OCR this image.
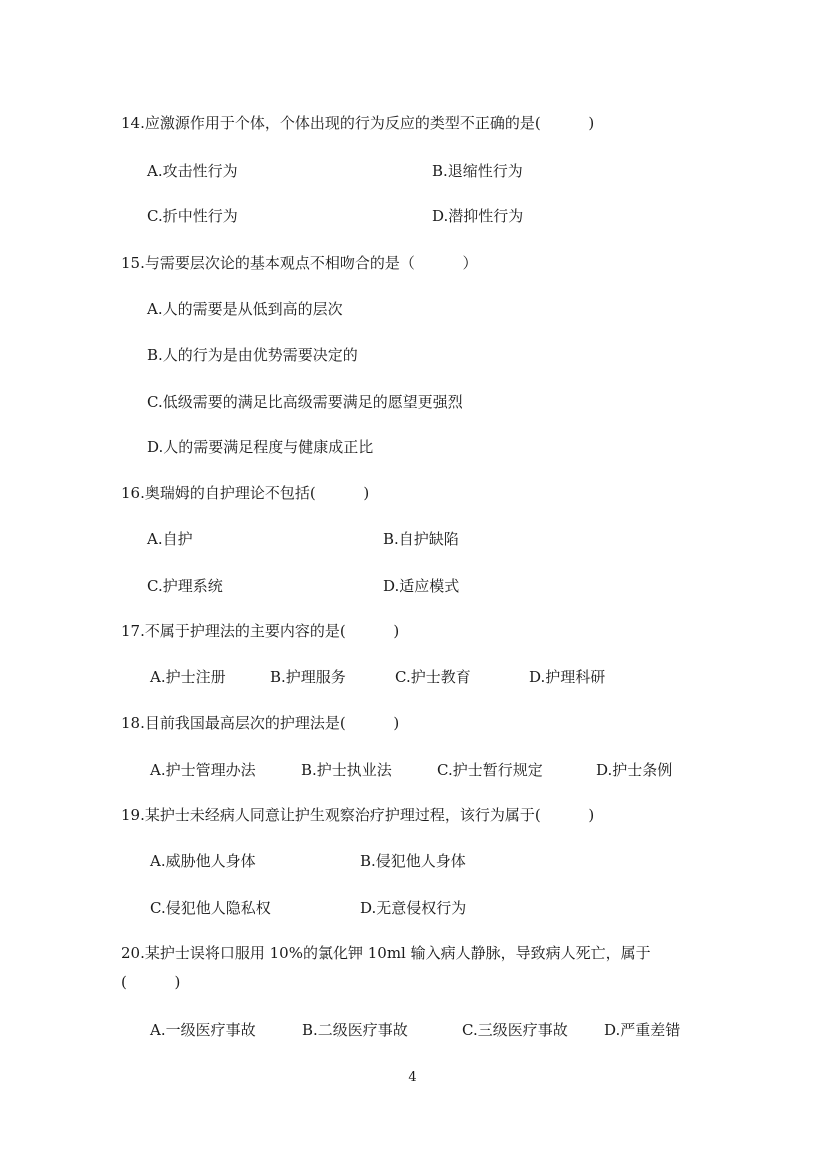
14.应激源作用于个体，个体出现的行为反应的类型不正确的是(          )
A.攻击性行为	B.退缩性行为
C.折中性行为	D.潜抑性行为
15.与需要层次论的基本观点不相吻合的是（          ）
A.人的需要是从低到高的层次
B.人的行为是由优势需要决定的
C.低级需要的满足比高级需要满足的愿望更强烈
D.人的需要满足程度与健康成正比
16.奥瑞姆的自护理论不包括(          )
A.自护	B.自护缺陷
C.护理系统	D.适应模式
17.不属于护理法的主要内容的是(          )
A.护士注册	B.护理服务	C.护士教育	D.护理科研
18.目前我国最高层次的护理法是(          )
A.护士管理办法	B.护士执业法	C.护士暂行规定	D.护士条例
19.某护士未经病人同意让护生观察治疗护理过程，该行为属于(          )
A.威胁他人身体	B.侵犯他人身体
C.侵犯他人隐私权	D.无意侵权行为
20.某护士误将口服用 10%的氯化钾 10ml 输入病人静脉，导致病人死亡，属于
(          )
A.一级医疗事故	B.二级医疗事故	C.三级医疗事故 D.严重差错
4
